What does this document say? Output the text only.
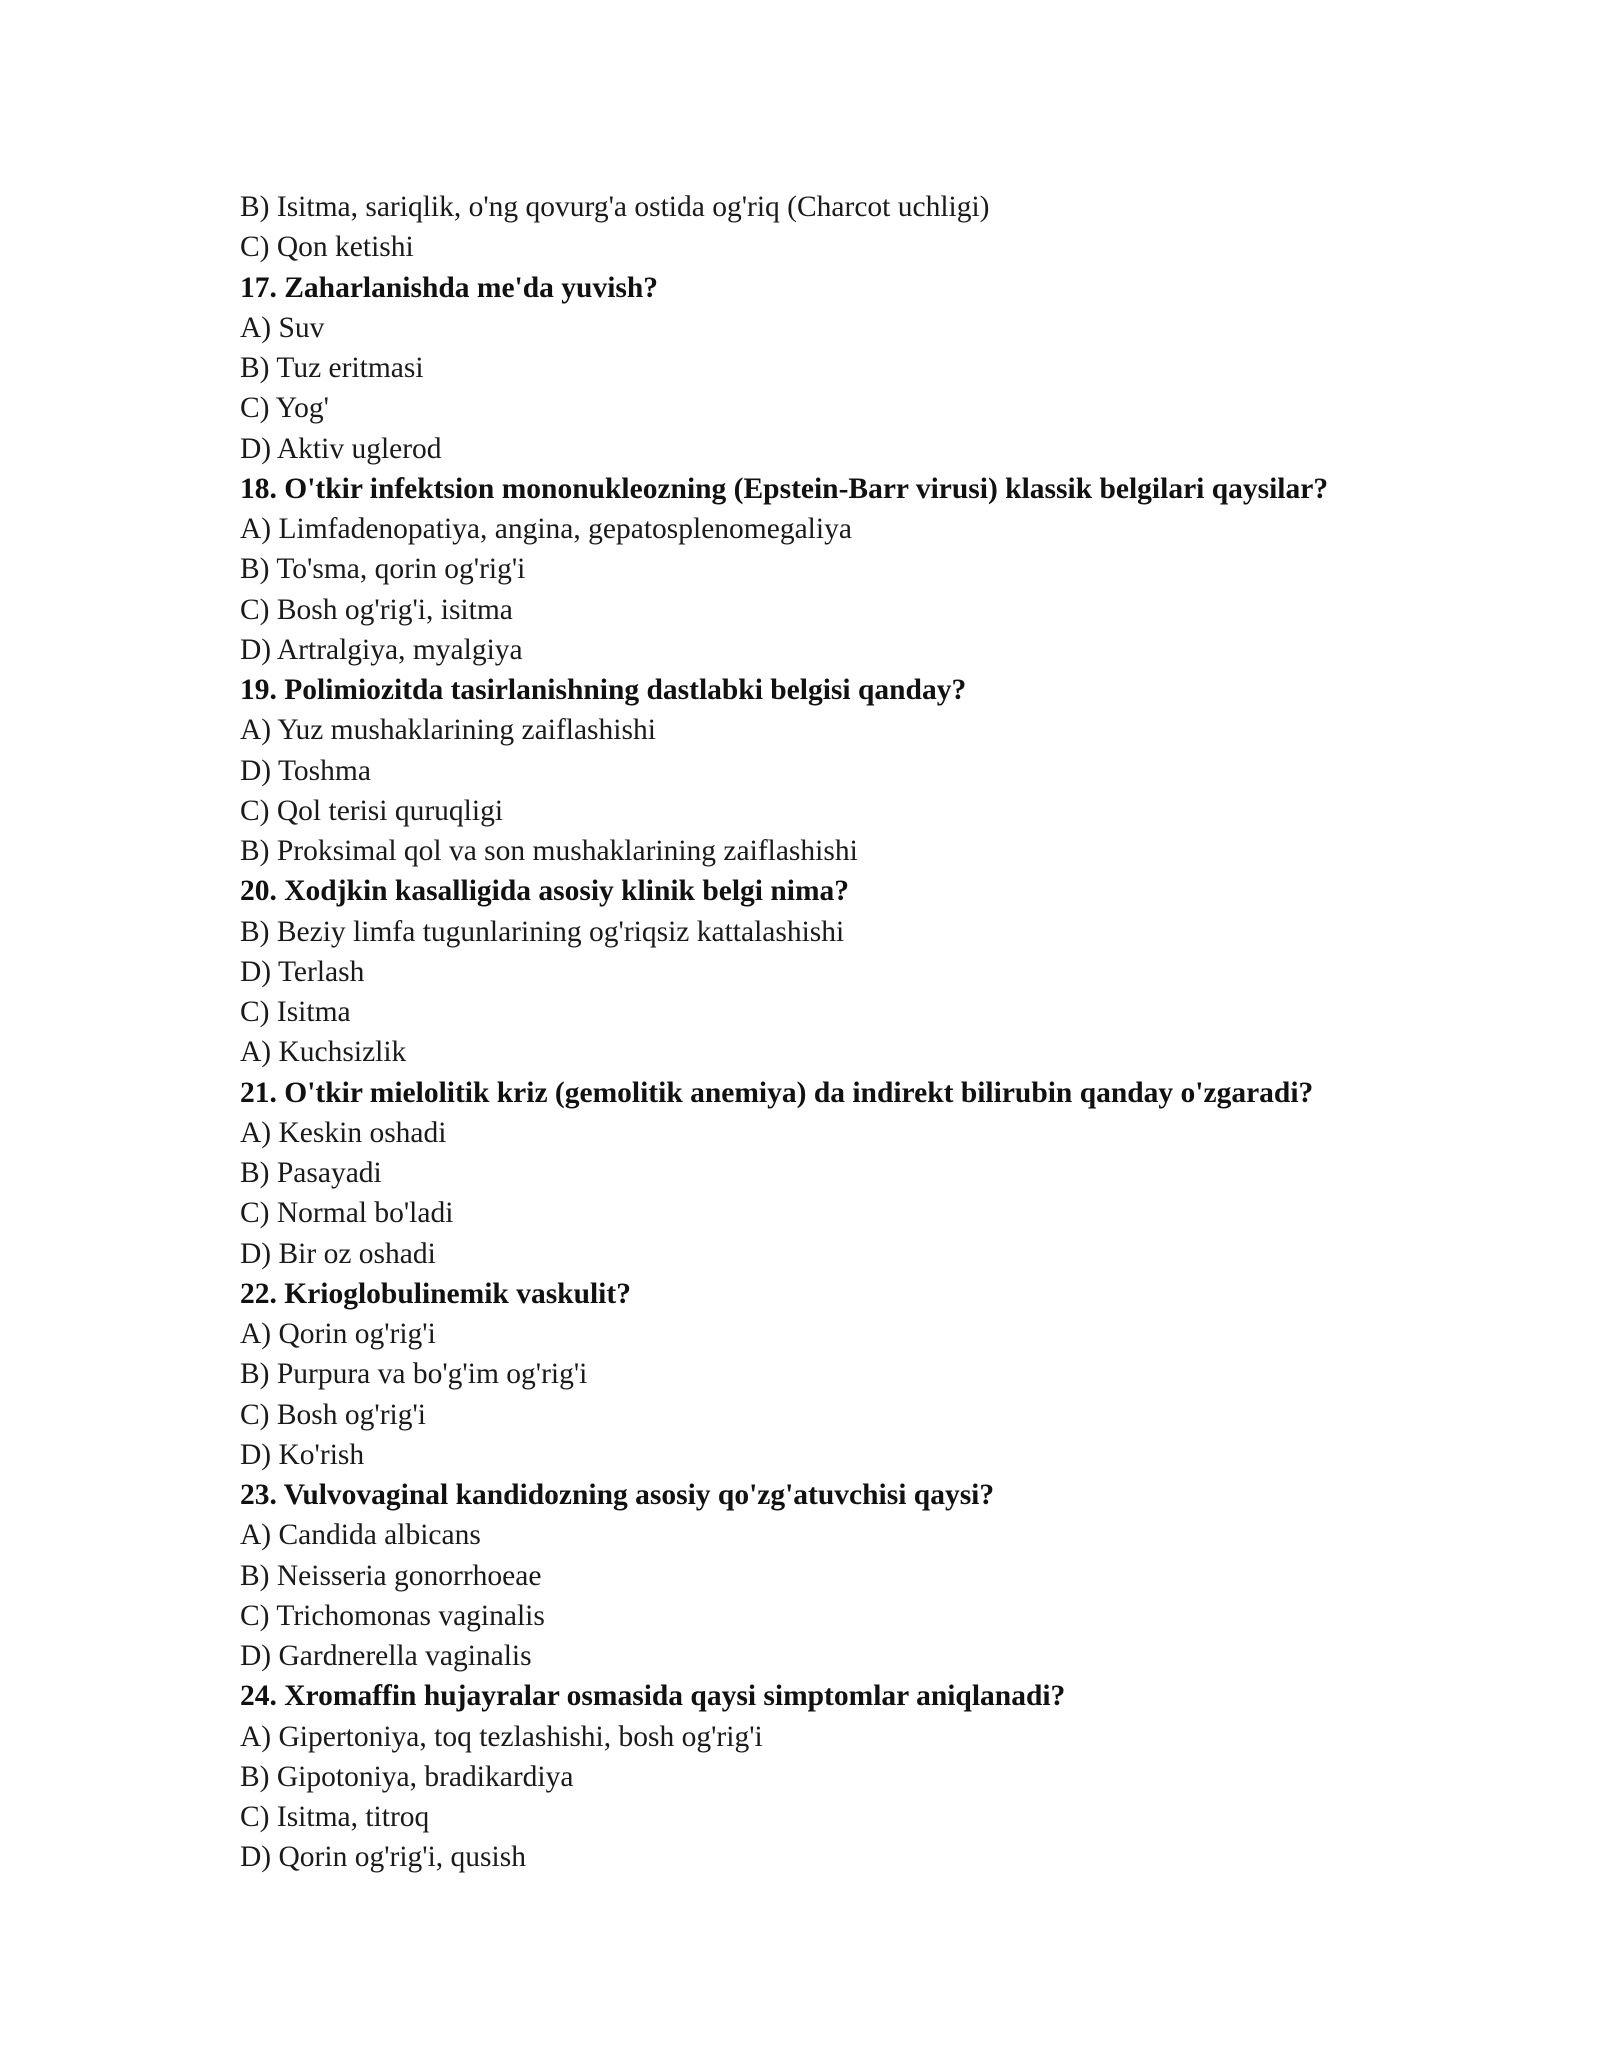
B) Isitma, sariqlik, o'ng qovurg'a ostida og'riq (Charcot uchligi)
C) Qon ketishi
17. Zaharlanishda me'da yuvish?
A) Suv
B) Tuz eritmasi
C) Yog'
D) Aktiv uglerod
18. O'tkir infektsion mononukleozning (Epstein-Barr virusi) klassik belgilari qaysilar?
A) Limfadenopatiya, angina, gepatosplenomegaliya
B) To'sma, qorin og'rig'i
C) Bosh og'rig'i, isitma
D) Artralgiya, myalgiya
19. Polimiozitda tasirlanishning dastlabki belgisi qanday?
A) Yuz mushaklarining zaiflashishi
D) Toshma
C) Qol terisi quruqligi
B) Proksimal qol va son mushaklarining zaiflashishi
20. Xodjkin kasalligida asosiy klinik belgi nima?
B) Beziy limfa tugunlarining og'riqsiz kattalashishi
D) Terlash
C) Isitma
A) Kuchsizlik
21. O'tkir mielolitik kriz (gemolitik anemiya) da indirekt bilirubin qanday o'zgaradi?
A) Keskin oshadi
B) Pasayadi
C) Normal bo'ladi
D) Bir oz oshadi
22. Krioglobulinemik vaskulit?
A) Qorin og'rig'i
B) Purpura va bo'g'im og'rig'i
C) Bosh og'rig'i
D) Ko'rish
23. Vulvovaginal kandidozning asosiy qo'zg'atuvchisi qaysi?
A) Candida albicans
B) Neisseria gonorrhoeae
C) Trichomonas vaginalis
D) Gardnerella vaginalis
24. Xromaffin hujayralar osmasida qaysi simptomlar aniqlanadi?
A) Gipertoniya, toq tezlashishi, bosh og'rig'i
B) Gipotoniya, bradikardiya
C) Isitma, titroq
D) Qorin og'rig'i, qusish
